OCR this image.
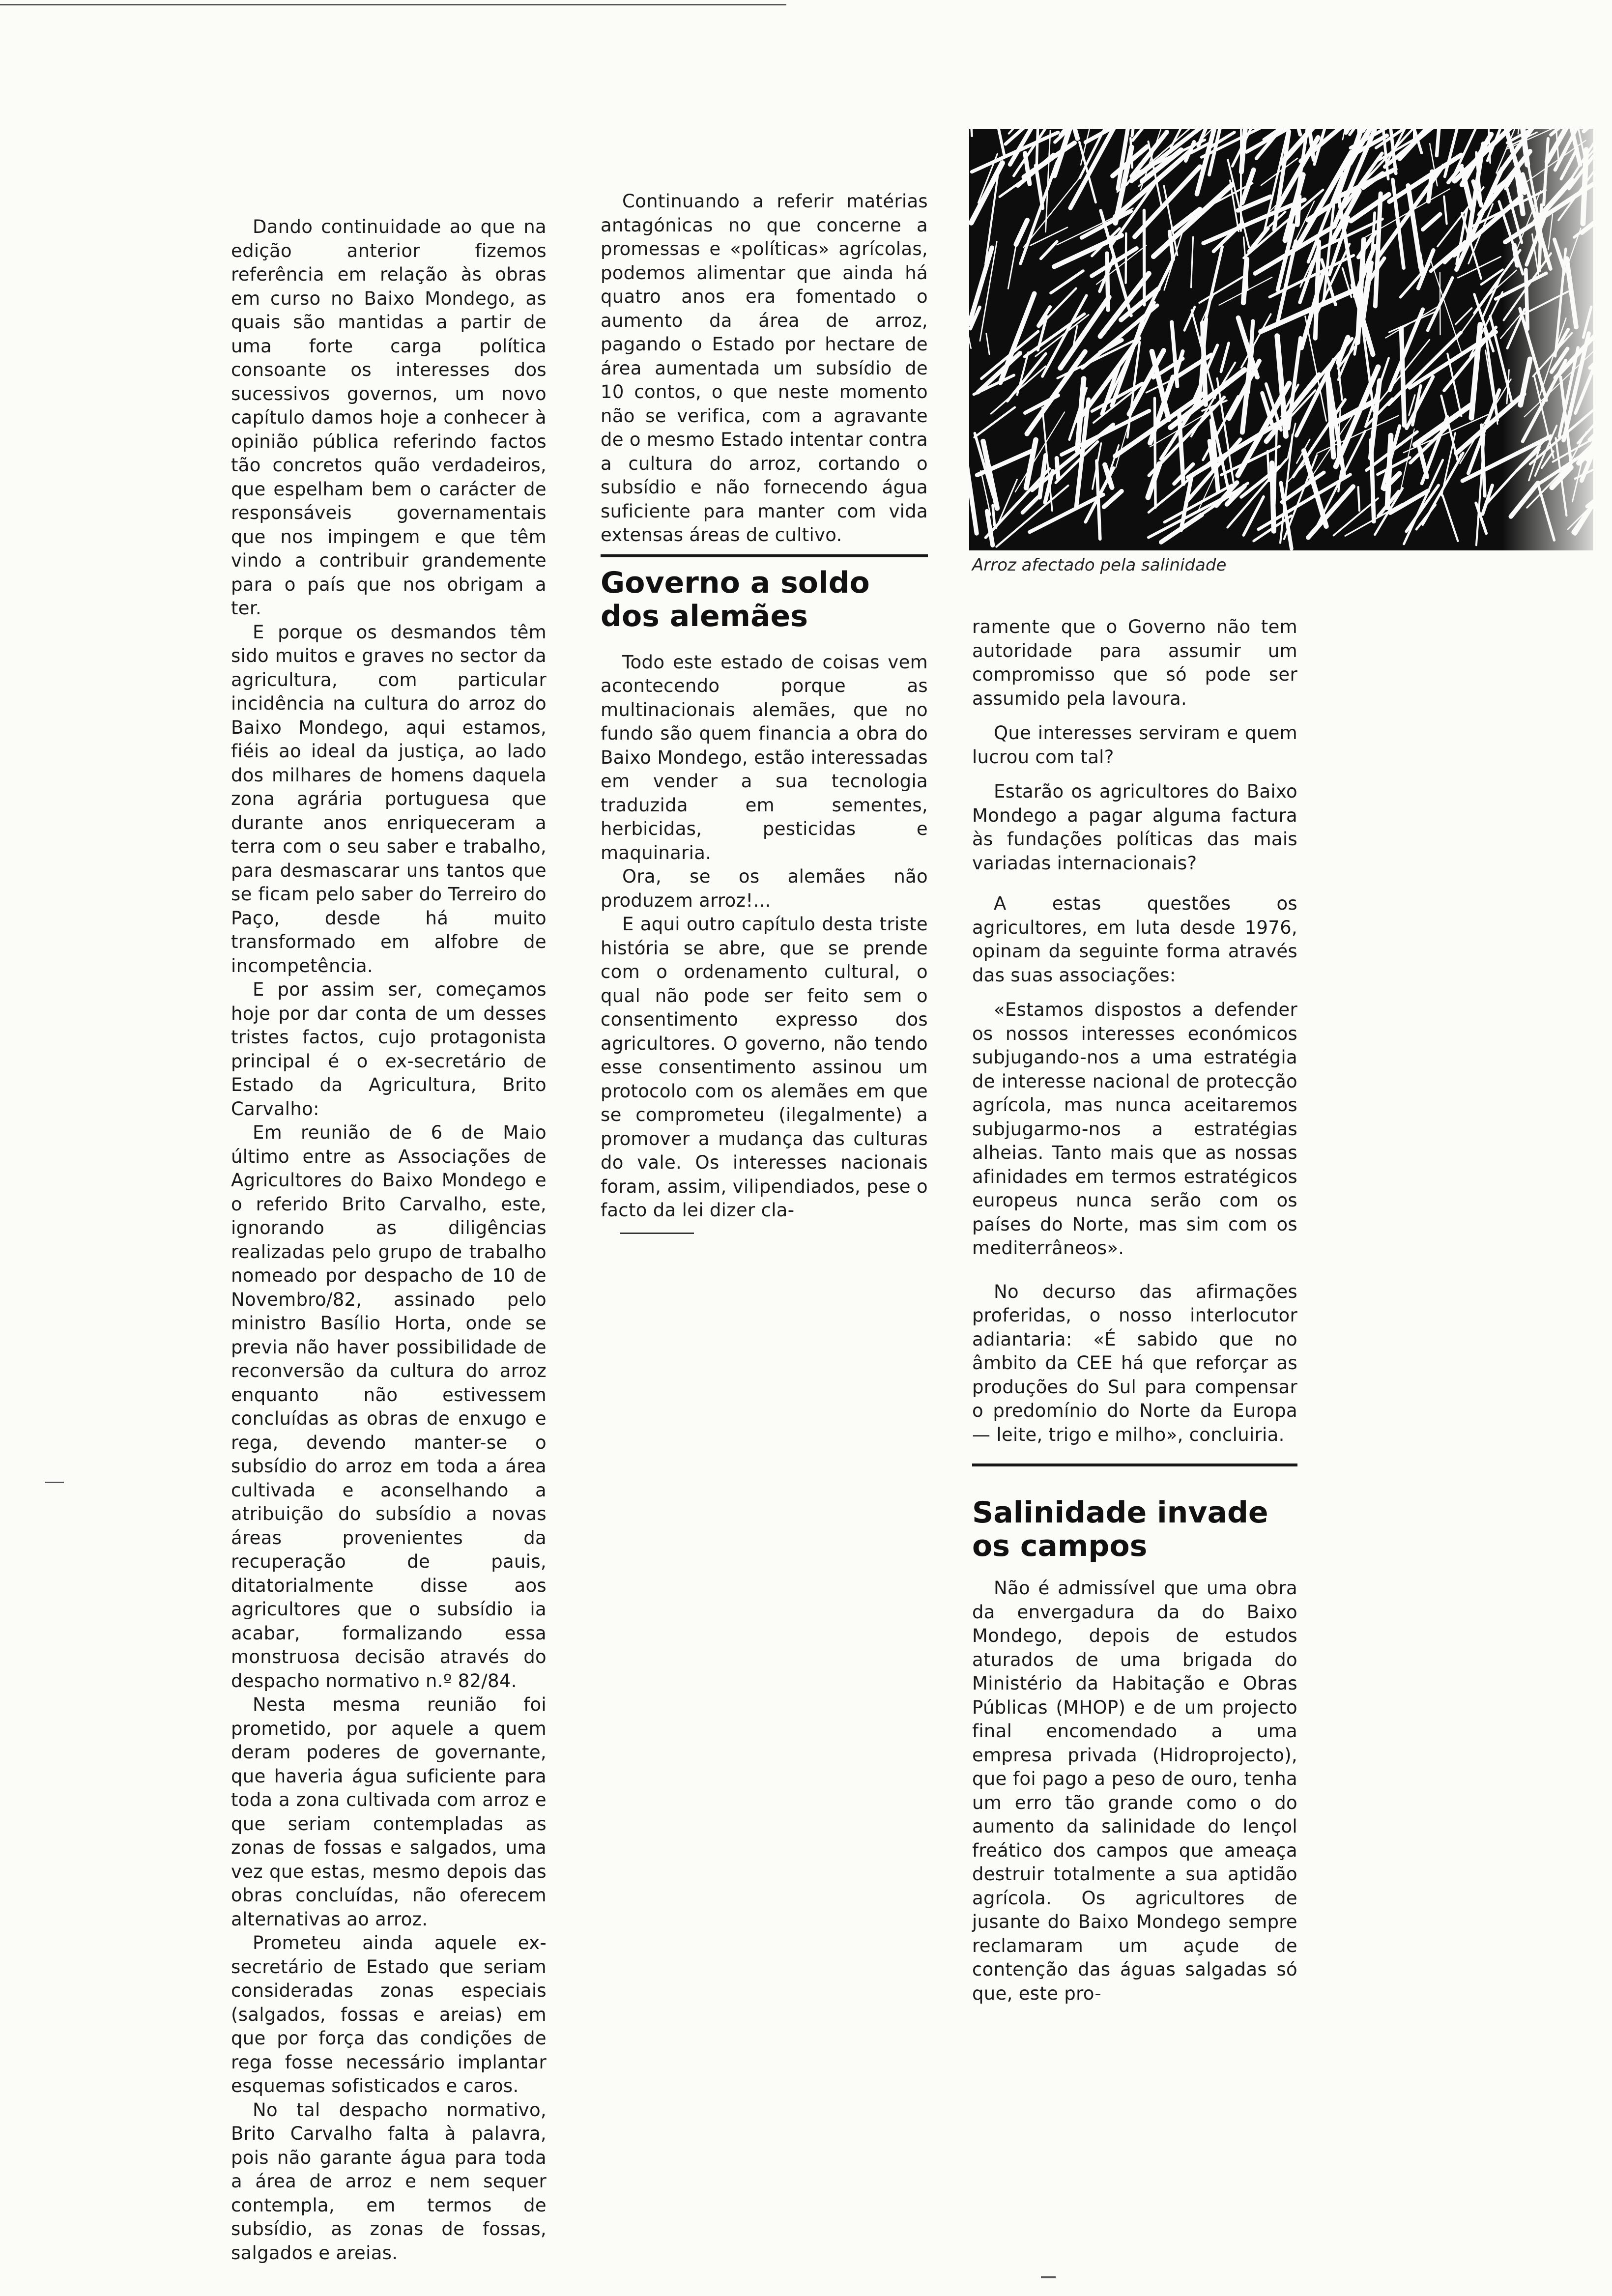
Dando continuidade ao que na edição anterior fizemos referência em relação às obras em curso no Baixo Mondego, as quais são mantidas a partir de uma forte carga política consoante os interesses dos sucessivos governos, um novo capítulo damos hoje a conhecer à opinião pública referindo factos tão concretos quão verdadeiros, que espelham bem o carácter de responsáveis governamentais que nos impingem e que têm vindo a contribuir grandemente para o país que nos obrigam a ter.

E porque os desmandos têm sido muitos e graves no sector da agricultura, com particular incidência na cultura do arroz do Baixo Mondego, aqui estamos, fiéis ao ideal da justiça, ao lado dos milhares de homens daquela zona agrária portuguesa que durante anos enriqueceram a terra com o seu saber e trabalho, para desmascarar uns tantos que se ficam pelo saber do Terreiro do Paço, desde há muito transformado em alfobre de incompetência.

E por assim ser, começamos hoje por dar conta de um desses tristes factos, cujo protagonista principal é o ex-secretário de Estado da Agricultura, Brito Carvalho:

Em reunião de 6 de Maio último entre as Associações de Agricultores do Baixo Mondego e o referido Brito Carvalho, este, ignorando as diligências realizadas pelo grupo de trabalho nomeado por despacho de 10 de Novembro/82, assinado pelo ministro Basílio Horta, onde se previa não haver possibilidade de reconversão da cultura do arroz enquanto não estivessem concluídas as obras de enxugo e rega, devendo manter-se o subsídio do arroz em toda a área cultivada e aconselhando a atribuição do subsídio a novas áreas provenientes da recuperação de pauis, ditatorialmente disse aos agricultores que o subsídio ia acabar, formalizando essa monstruosa decisão através do despacho normativo n.º 82/84.

Nesta mesma reunião foi prometido, por aquele a quem deram poderes de governante, que haveria água suficiente para toda a zona cultivada com arroz e que seriam contempladas as zonas de fossas e salgados, uma vez que estas, mesmo depois das obras concluídas, não oferecem alternativas ao arroz.

Prometeu ainda aquele ex-secretário de Estado que seriam consideradas zonas especiais (salgados, fossas e areias) em que por força das condições de rega fosse necessário implantar esquemas sofisticados e caros.

No tal despacho normativo, Brito Carvalho falta à palavra, pois não garante água para toda a área de arroz e nem sequer contempla, em termos de subsídio, as zonas de fossas, salgados e areias.

Continuando a referir matérias antagónicas no que concerne a promessas e «políticas» agrícolas, podemos alimentar que ainda há quatro anos era fomentado o aumento da área de arroz, pagando o Estado por hectare de área aumentada um subsídio de 10 contos, o que neste momento não se verifica, com a agravante de o mesmo Estado intentar contra a cultura do arroz, cortando o subsídio e não fornecendo água suficiente para manter com vida extensas áreas de cultivo.

Governo a soldo dos alemães

Todo este estado de coisas vem acontecendo porque as multinacionais alemães, que no fundo são quem financia a obra do Baixo Mondego, estão interessadas em vender a sua tecnologia traduzida em sementes, herbicidas, pesticidas e maquinaria.

Ora, se os alemães não produzem arroz!...

E aqui outro capítulo desta triste história se abre, que se prende com o ordenamento cultural, o qual não pode ser feito sem o consentimento expresso dos agricultores. O governo, não tendo esse consentimento assinou um protocolo com os alemães em que se comprometeu (ilegalmente) a promover a mudança das culturas do vale. Os interesses nacionais foram, assim, vilipendiados, pese o facto da lei dizer cla-

Arroz afectado pela salinidade

ramente que o Governo não tem autoridade para assumir um compromisso que só pode ser assumido pela lavoura.

Que interesses serviram e quem lucrou com tal?

Estarão os agricultores do Baixo Mondego a pagar alguma factura às fundações políticas das mais variadas internacionais?

A estas questões os agricultores, em luta desde 1976, opinam da seguinte forma através das suas associações:

«Estamos dispostos a defender os nossos interesses económicos subjugando-nos a uma estratégia de interesse nacional de protecção agrícola, mas nunca aceitaremos subjugarmo-nos a estratégias alheias. Tanto mais que as nossas afinidades em termos estratégicos europeus nunca serão com os países do Norte, mas sim com os mediterrâneos».

No decurso das afirmações proferidas, o nosso interlocutor adiantaria: «É sabido que no âmbito da CEE há que reforçar as produções do Sul para compensar o predomínio do Norte da Europa — leite, trigo e milho», concluiria.

Salinidade invade os campos

Não é admissível que uma obra da envergadura da do Baixo Mondego, depois de estudos aturados de uma brigada do Ministério da Habitação e Obras Públicas (MHOP) e de um projecto final encomendado a uma empresa privada (Hidroprojecto), que foi pago a peso de ouro, tenha um erro tão grande como o do aumento da salinidade do lençol freático dos campos que ameaça destruir totalmente a sua aptidão agrícola. Os agricultores de jusante do Baixo Mondego sempre reclamaram um açude de contenção das águas salgadas só que, este pro-
